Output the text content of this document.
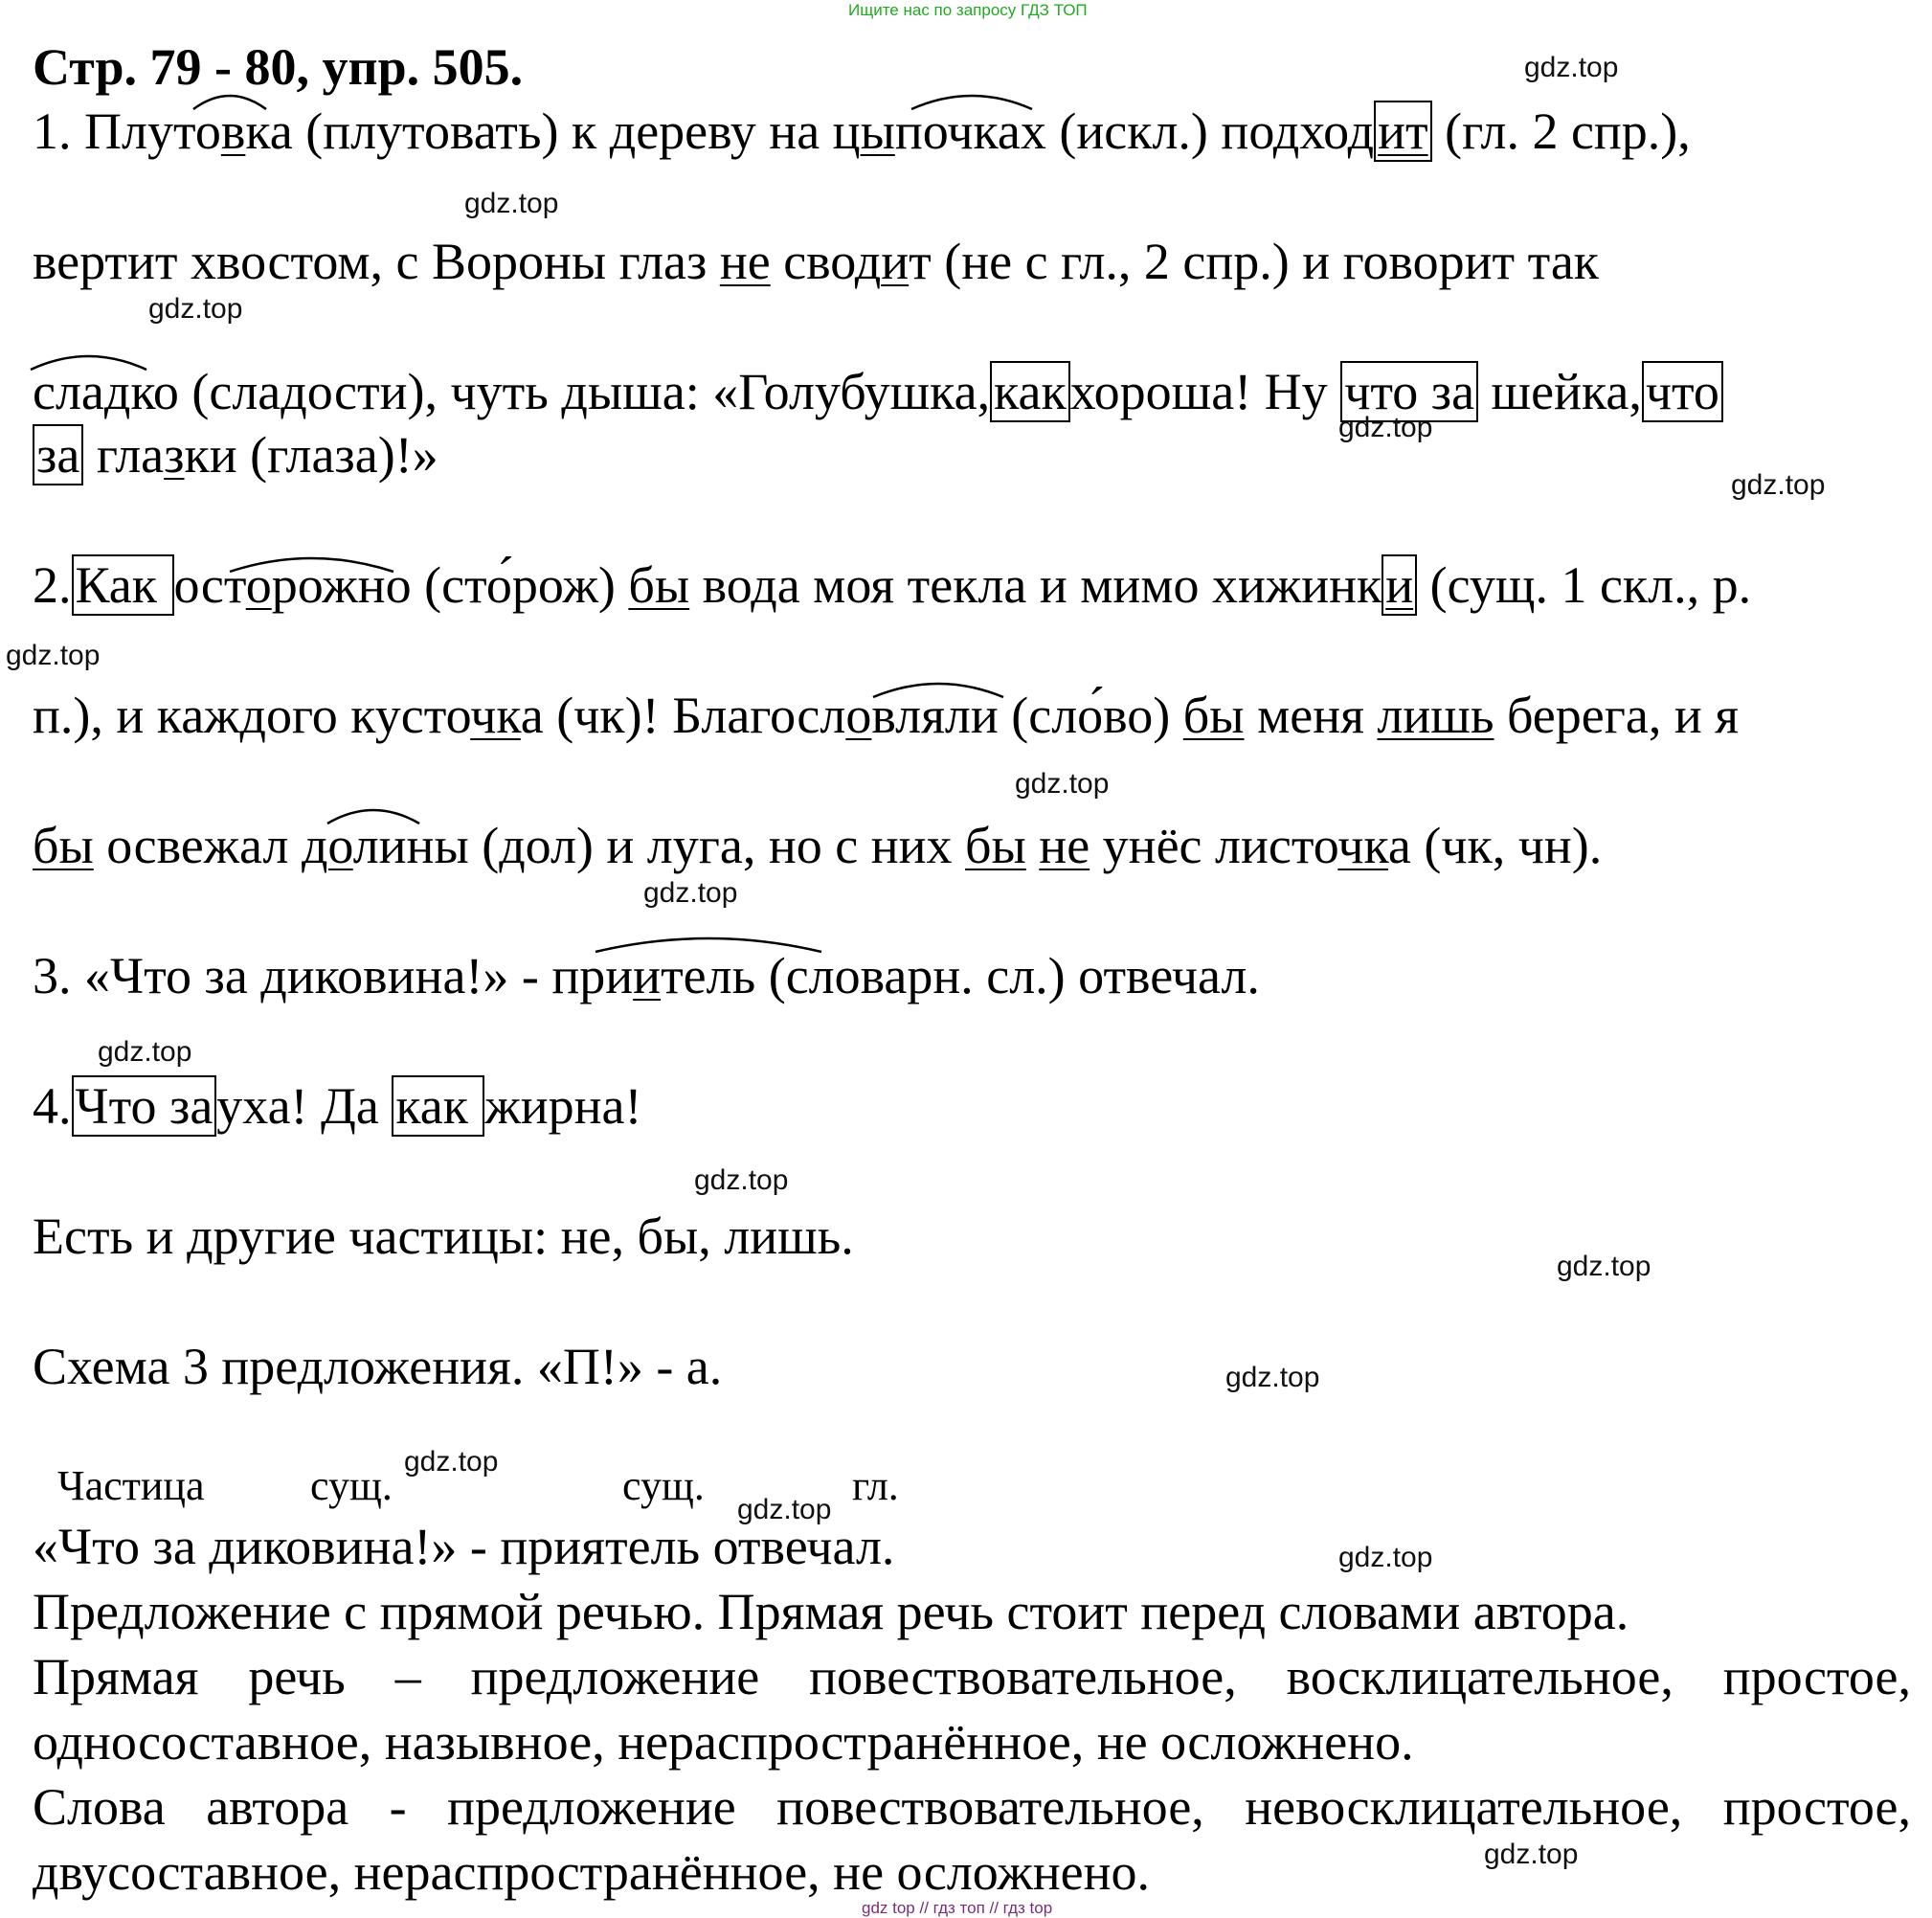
Ищите нас по запросу ГДЗ ТОП
Стр. 79 - 80, упр. 505.
1. Плутовка (плутовать) к дереву на цыпочках (искл.) подходит (гл. 2 спр.),
вертит хвостом, с Вороны глаз не сводит (не с гл., 2 спр.) и говорит так
сладко (сладости), чуть дыша: «Голубушка,какхороша! Ну что за шейка,что
за глазки (глаза)!»
2.Как осторожно (сто́рож) бы вода моя текла и мимо хижинки (сущ. 1 скл., р.
п.), и каждого кусточка (чк)! Благословляли (сло́во) бы меня лишь берега, и я
бы освежал долины (дол) и луга, но с них бы не унёс листочка (чк, чн).
3. «Что за диковина!» - приитель (словарн. сл.) отвечал.
4.Что зауха! Да как жирна!
Есть и другие частицы: не, бы, лишь.
Схема 3 предложения. «П!» - а.
Частица	сущ.	сущ.	гл.
«Что за диковина!» - приятель отвечал.
Предложение с прямой речью. Прямая речь стоит перед словами автора.
Прямая речь – предложение повествовательное, восклицательное, простое,
односоставное, назывное, нераспространённое, не осложнено.
Слова автора - предложение повествовательное, невосклицательное, простое,
двусоставное, нераспространённое, не осложнено.
gdz top // гдз топ // гдз top
gdz.top
gdz.top
gdz.top
gdz.top
gdz.top
gdz.top
gdz.top
gdz.top
gdz.top
gdz.top
gdz.top
gdz.top
gdz.top
gdz.top
gdz.top
gdz.top
